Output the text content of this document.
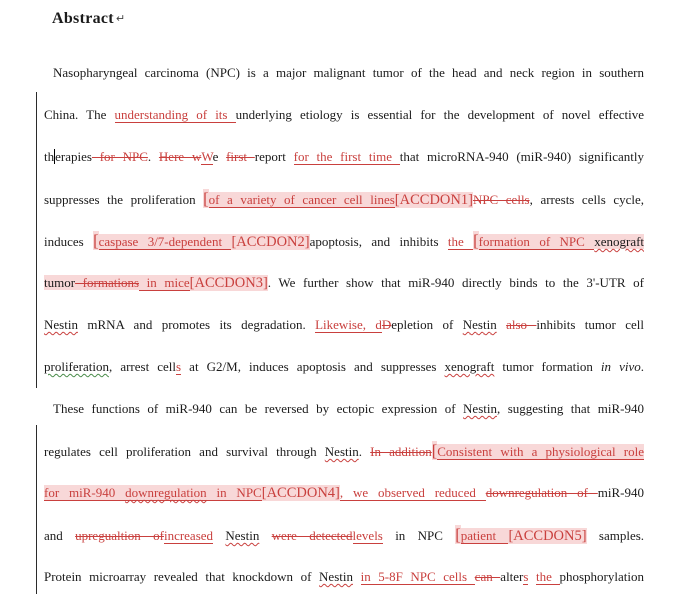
Abstract ↵
Nasopharyngeal carcinoma (NPC) is a major malignant tumor of the head and neck region in southern
China. The understanding of its underlying etiology is essential for the development of novel effective
therapies for NPC. Here wWe first report for the first time that microRNA-940 (miR-940) significantly
suppresses the proliferation [of a variety of cancer cell lines[ACCDON1]NPC cells, arrests cells cycle,
induces [caspase 3/7-dependent [ACCDON2]apoptosis, and inhibits the [formation of NPC xenograft
tumor formations in mice[ACCDON3]. We further show that miR-940 directly binds to the 3'-UTR of
Nestin mRNA and promotes its degradation. Likewise, dDepletion of Nestin also inhibits tumor cell
proliferation, arrest cells at G2/M, induces apoptosis and suppresses xenograft tumor formation in vivo.
These functions of miR-940 can be reversed by ectopic expression of Nestin, suggesting that miR-940
regulates cell proliferation and survival through Nestin. In addition[Consistent with a physiological role
for miR-940 downregulation in NPC[ACCDON4], we observed reduced downregulation of miR-940
and upregualtion ofincreased Nestin were detectedlevels in NPC [patient [ACCDON5] samples.
Protein microarray revealed that knockdown of Nestin in 5-8F NPC cells can alters the phosphorylation
